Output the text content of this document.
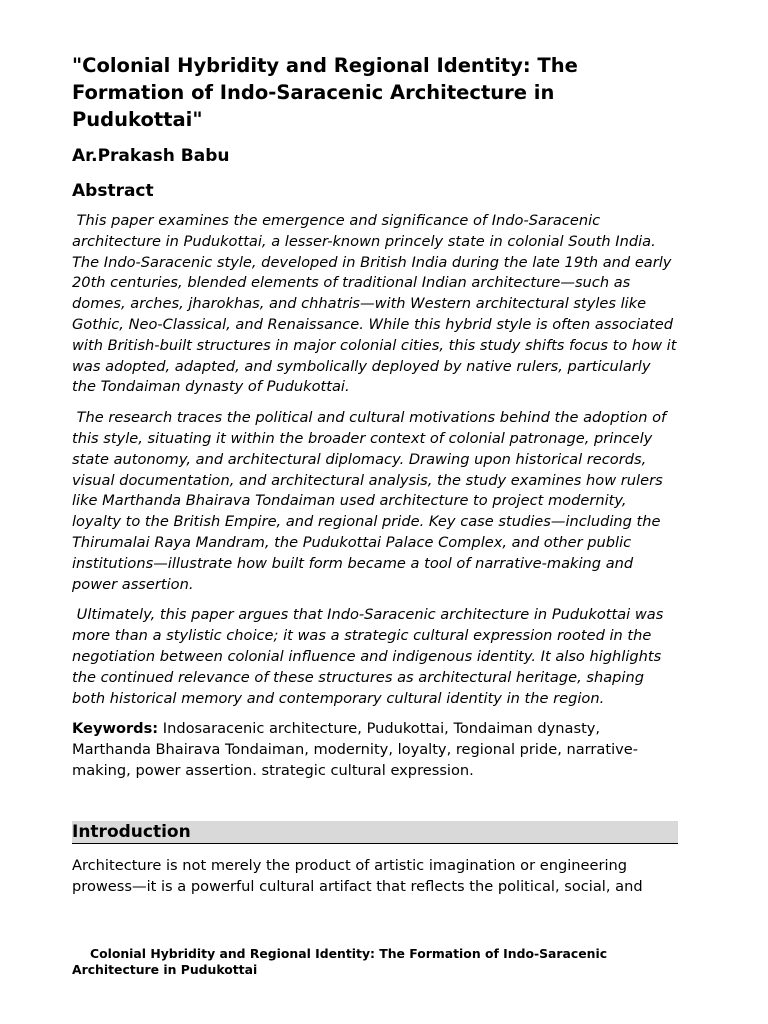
"Colonial Hybridity and Regional Identity: The Formation of Indo-Saracenic Architecture in Pudukottai"
Ar.Prakash Babu
Abstract

This paper examines the emergence and significance of Indo-Saracenic architecture in Pudukottai, a lesser-known princely state in colonial South India. The Indo-Saracenic style, developed in British India during the late 19th and early 20th centuries, blended elements of traditional Indian architecture—such as domes, arches, jharokhas, and chhatris—with Western architectural styles like Gothic, Neo-Classical, and Renaissance. While this hybrid style is often associated with British-built structures in major colonial cities, this study shifts focus to how it was adopted, adapted, and symbolically deployed by native rulers, particularly the Tondaiman dynasty of Pudukottai.

The research traces the political and cultural motivations behind the adoption of this style, situating it within the broader context of colonial patronage, princely state autonomy, and architectural diplomacy. Drawing upon historical records, visual documentation, and architectural analysis, the study examines how rulers like Marthanda Bhairava Tondaiman used architecture to project modernity, loyalty to the British Empire, and regional pride. Key case studies—including the Thirumalai Raya Mandram, the Pudukottai Palace Complex, and other public institutions—illustrate how built form became a tool of narrative-making and power assertion.

Ultimately, this paper argues that Indo-Saracenic architecture in Pudukottai was more than a stylistic choice; it was a strategic cultural expression rooted in the negotiation between colonial influence and indigenous identity. It also highlights the continued relevance of these structures as architectural heritage, shaping both historical memory and contemporary cultural identity in the region.

Keywords: Indosaracenic architecture, Pudukottai, Tondaiman dynasty, Marthanda Bhairava Tondaiman, modernity, loyalty, regional pride, narrative-making, power assertion. strategic cultural expression.

Introduction

Architecture is not merely the product of artistic imagination or engineering prowess—it is a powerful cultural artifact that reflects the political, social, and

Colonial Hybridity and Regional Identity: The Formation of Indo-Saracenic
Architecture in Pudukottai
